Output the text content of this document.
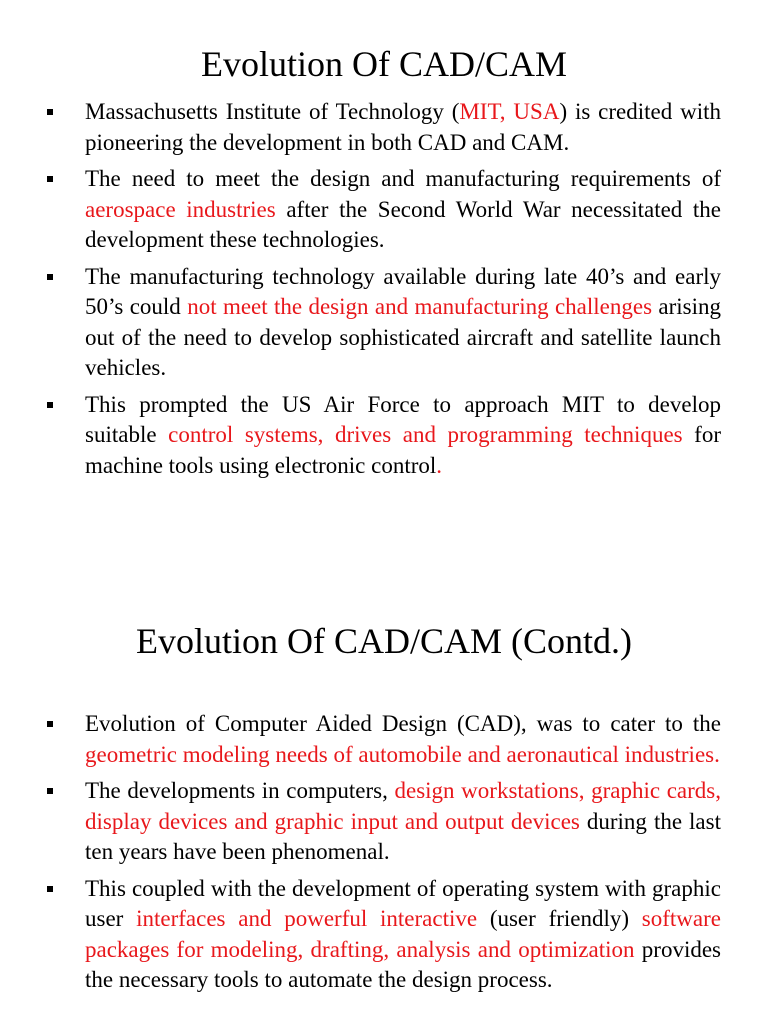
Evolution Of CAD/CAM
Massachusetts Institute of Technology (MIT, USA) is credited with pioneering the development in both CAD and CAM.
The need to meet the design and manufacturing requirements of aerospace industries after the Second World War necessitated the development these technologies.
The manufacturing technology available during late 40’s and early 50’s could not meet the design and manufacturing challenges arising out of the need to develop sophisticated aircraft and satellite launch vehicles.
This prompted the US Air Force to approach MIT to develop suitable control systems, drives and programming techniques for machine tools using electronic control.
Evolution Of CAD/CAM (Contd.)
Evolution of Computer Aided Design (CAD), was to cater to the geometric modeling needs of automobile and aeronautical industries.
The developments in computers, design workstations, graphic cards, display devices and graphic input and output devices during the last ten years have been phenomenal.
This coupled with the development of operating system with graphic user interfaces and powerful interactive (user friendly) software packages for modeling, drafting, analysis and optimization provides the necessary tools to automate the design process.
